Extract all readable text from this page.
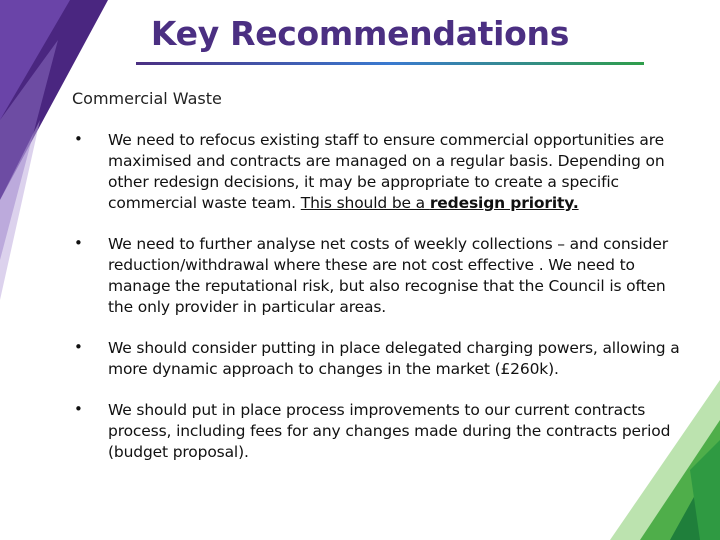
Key Recommendations
Commercial Waste
• We need to refocus existing staff to ensure commercial opportunities are maximised and contracts are managed on a regular basis. Depending on other redesign decisions, it may be appropriate to create a specific commercial waste team. This should be a redesign priority.
• We need to further analyse net costs of weekly collections – and consider reduction/withdrawal where these are not cost effective . We need to manage the reputational risk, but also recognise that the Council is often the only provider in particular areas.
• We should consider putting in place delegated charging powers, allowing a more dynamic approach to changes in the market (£260k).
• We should put in place process improvements to our current contracts process, including fees for any changes made during the contracts period (budget proposal).
